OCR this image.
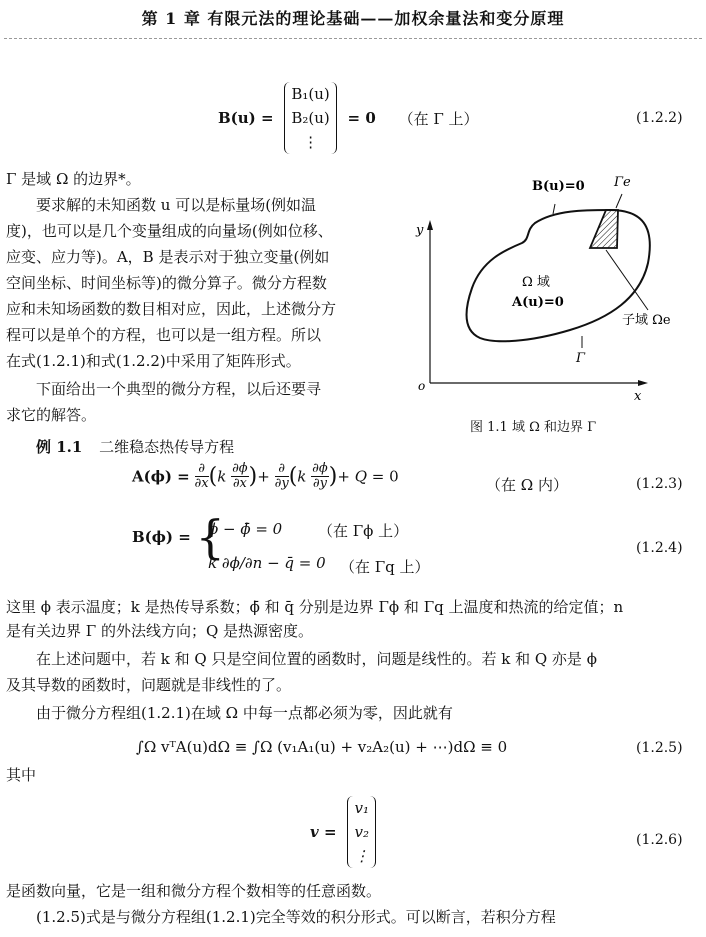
第 1 章 有限元法的理论基础——加权余量法和变分原理
B(u) =
B₁(u)
B₂(u)
⋮
= 0 （在 Γ 上）	(1.2.2)
Γ 是域 Ω 的边界*。
　　要求解的未知函数 u 可以是标量场(例如温
度)，也可以是几个变量组成的向量场(例如位移、
应变、应力等)。A，B 是表示对于独立变量(例如
空间坐标、时间坐标等)的微分算子。微分方程数
应和未知场函数的数目相对应，因此，上述微分方
程可以是单个的方程，也可以是一组方程。所以
在式(1.2.1)和式(1.2.2)中采用了矩阵形式。
　　下面给出一个典型的微分方程，以后还要寻
求它的解答。
y
x
o
B(u)=0 Γe
Ω 域
A(u)=0
子域 Ωe
Γ
图 1.1 域 Ω 和边界 Γ
例 1.1 二维稳态热传导方程
$A(\phi) = \frac{\partial}{\partial x} (k \frac{\partial\phi}{\partial x}$ )+ $\frac{\partial}{\partial y} (k \frac{\partial\phi}{\partial y}$ )+ Q = 0	（在 Ω 内）	(1.2.3)
B(ϕ) = {
ϕ − ϕ̄ = 0 （在 Γϕ 上）
k ∂ϕ/∂n − q̄ = 0 （在 Γq 上）
(1.2.4)
这里 ϕ 表示温度；k 是热传导系数；ϕ̄ 和 q̄ 分别是边界 Γϕ 和 Γq 上温度和热流的给定值；n
是有关边界 Γ 的外法线方向；Q 是热源密度。
　　在上述问题中，若 k 和 Q 只是空间位置的函数时，问题是线性的。若 k 和 Q 亦是 ϕ
及其导数的函数时，问题就是非线性的了。
　　由于微分方程组(1.2.1)在域 Ω 中每一点都必须为零，因此就有
∫Ω vᵀA(u)dΩ ≡ ∫Ω (v₁A₁(u) + v₂A₂(u) + ⋯)dΩ ≡ 0	(1.2.5)
其中
v =
v₁
v₂
⋮
(1.2.6)
是函数向量，它是一组和微分方程个数相等的任意函数。
　　(1.2.5)式是与微分方程组(1.2.1)完全等效的积分形式。可以断言，若积分方程
